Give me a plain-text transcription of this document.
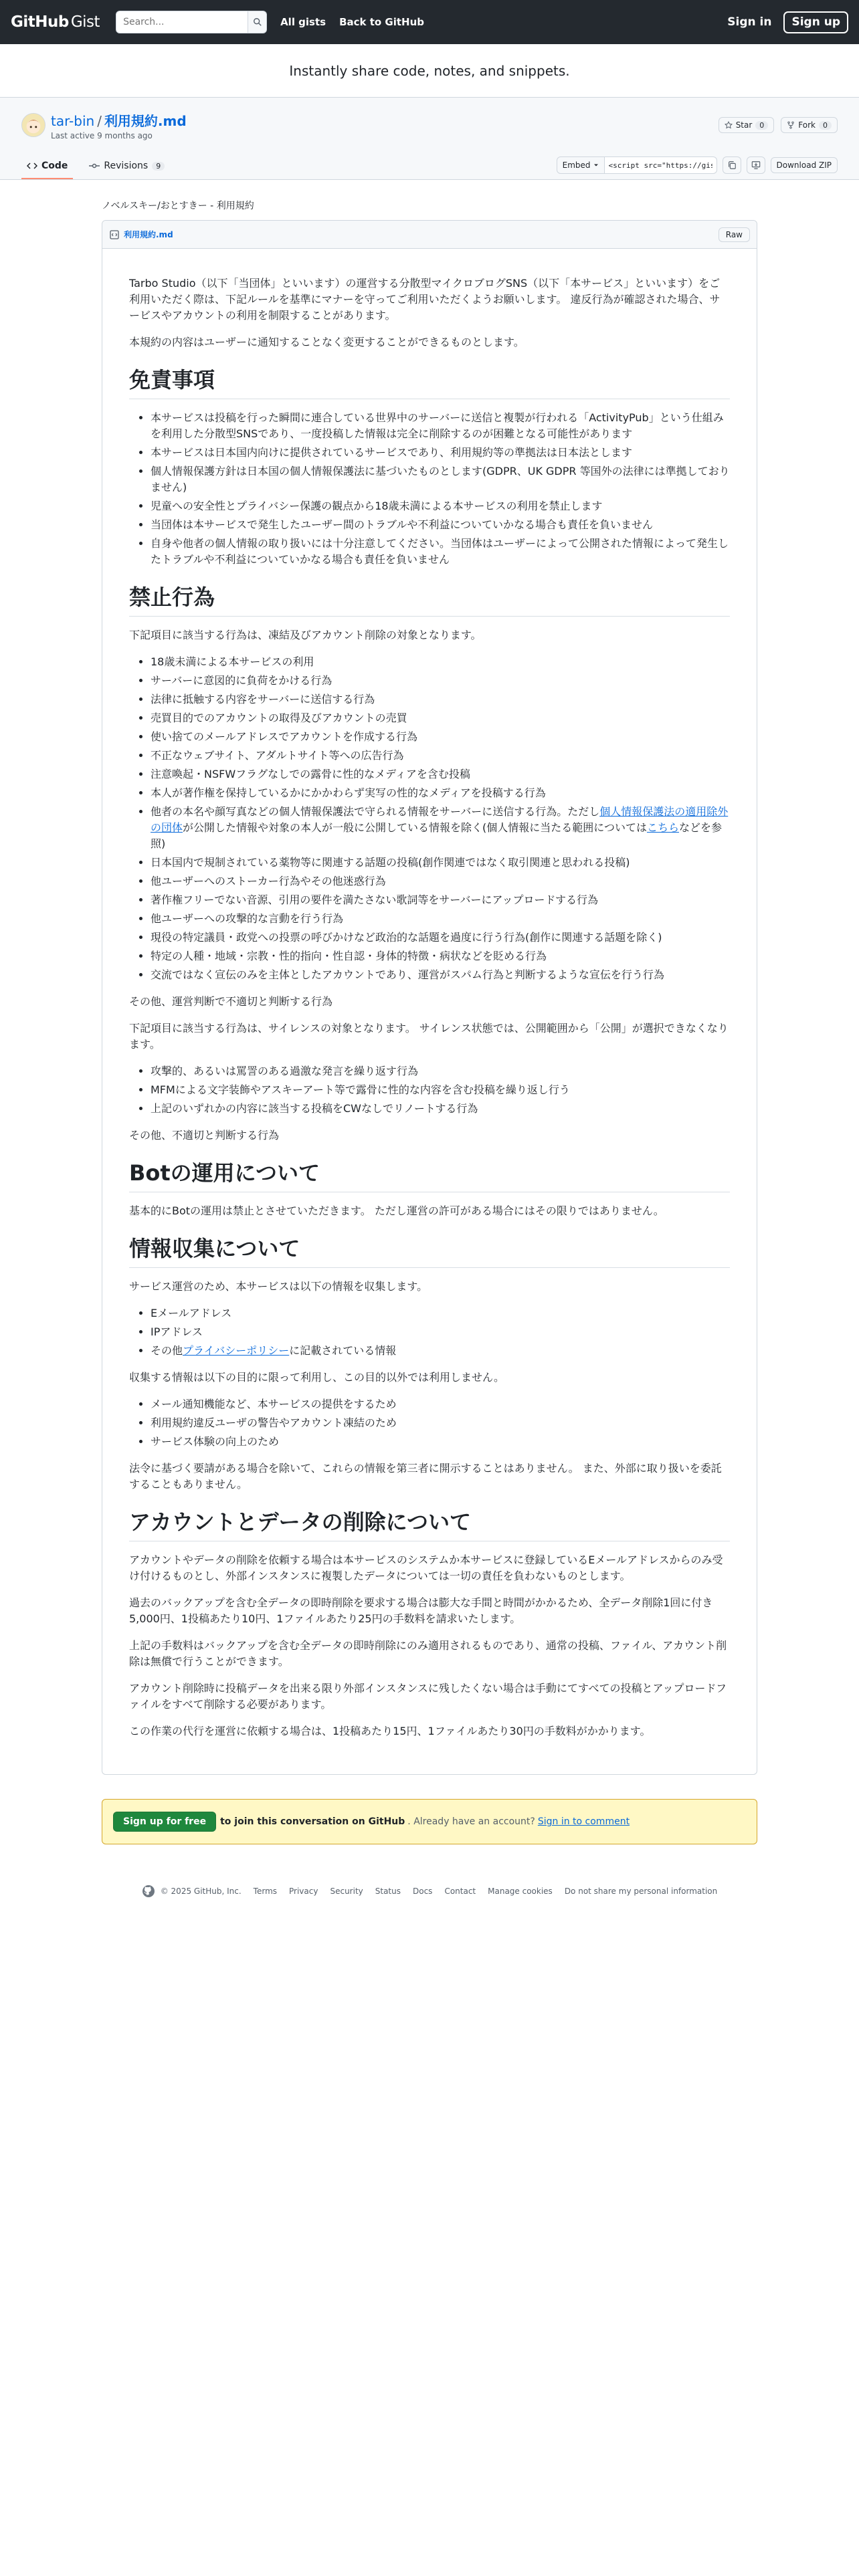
GitHub Gist
Search...	All gists Back to GitHub	Sign in	Sign up
Instantly share code, notes, and snippets.
tar-bin / 利用規約.md
Last active 9 months ago
Star	0	Fork	0
Code	Revisions	9	Embed
<script src="https://gist.github.com/tar-bin/	Download ZIP
ノベルスキー/おとすきー - 利用規約
利用規約.md	Raw

Tarbo Studio（以下「当団体」といいます）の運営する分散型マイクロブログSNS（以下「本サービス」といいます）をご利用いただく際は、下記ルールを基準にマナーを守ってご利用いただくようお願いします。 違反行為が確認された場合、サービスやアカウントの利用を制限することがあります。

本規約の内容はユーザーに通知することなく変更することができるものとします。

免責事項
• 本サービスは投稿を行った瞬間に連合している世界中のサーバーに送信と複製が行われる「ActivityPub」という仕組みを利用した分散型SNSであり、一度投稿した情報は完全に削除するのが困難となる可能性があります
• 本サービスは日本国内向けに提供されているサービスであり、利用規約等の準拠法は日本法とします
• 個人情報保護方針は日本国の個人情報保護法に基づいたものとします(GDPR、UK GDPR 等国外の法律には準拠しておりません)
• 児童への安全性とプライバシー保護の観点から18歳未満による本サービスの利用を禁止します
• 当団体は本サービスで発生したユーザー間のトラブルや不利益についていかなる場合も責任を負いません
• 自身や他者の個人情報の取り扱いには十分注意してください。当団体はユーザーによって公開された情報によって発生したトラブルや不利益についていかなる場合も責任を負いません
禁止行為

下記項目に該当する行為は、凍結及びアカウント削除の対象となります。

• 18歳未満による本サービスの利用
• サーバーに意図的に負荷をかける行為
• 法律に抵触する内容をサーバーに送信する行為
• 売買目的でのアカウントの取得及びアカウントの売買
• 使い捨てのメールアドレスでアカウントを作成する行為
• 不正なウェブサイト、アダルトサイト等への広告行為
• 注意喚起・NSFWフラグなしでの露骨に性的なメディアを含む投稿
• 本人が著作権を保持しているかにかかわらず実写の性的なメディアを投稿する行為
• 他者の本名や顔写真などの個人情報保護法で守られる情報をサーバーに送信する行為。ただし個人情報保護法の適用除外の団体が公開した情報や対象の本人が一般に公開している情報を除く(個人情報に当たる範囲についてはこちらなどを参照)
• 日本国内で規制されている薬物等に関連する話題の投稿(創作関連ではなく取引関連と思われる投稿)
• 他ユーザーへのストーカー行為やその他迷惑行為
• 著作権フリーでない音源、引用の要件を満たさない歌詞等をサーバーにアップロードする行為
• 他ユーザーへの攻撃的な言動を行う行為
• 現役の特定議員・政党への投票の呼びかけなど政治的な話題を過度に行う行為(創作に関連する話題を除く)
• 特定の人種・地域・宗教・性的指向・性自認・身体的特徴・病状などを貶める行為
• 交流ではなく宣伝のみを主体としたアカウントであり、運営がスパム行為と判断するような宣伝を行う行為

その他、運営判断で不適切と判断する行為

下記項目に該当する行為は、サイレンスの対象となります。 サイレンス状態では、公開範囲から「公開」が選択できなくなります。

• 攻撃的、あるいは罵詈のある過激な発言を繰り返す行為
• MFMによる文字装飾やアスキーアート等で露骨に性的な内容を含む投稿を繰り返し行う
• 上記のいずれかの内容に該当する投稿をCWなしでリノートする行為

その他、不適切と判断する行為

Botの運用について

基本的にBotの運用は禁止とさせていただきます。 ただし運営の許可がある場合にはその限りではありません。

情報収集について

サービス運営のため、本サービスは以下の情報を収集します。

• Eメールアドレス
• IPアドレス
• その他プライバシーポリシーに記載されている情報

収集する情報は以下の目的に限って利用し、この目的以外では利用しません。

• メール通知機能など、本サービスの提供をするため
• 利用規約違反ユーザの警告やアカウント凍結のため
• サービス体験の向上のため

法令に基づく要請がある場合を除いて、これらの情報を第三者に開示することはありません。 また、外部に取り扱いを委託することもありません。

アカウントとデータの削除について

アカウントやデータの削除を依頼する場合は本サービスのシステムか本サービスに登録しているEメールアドレスからのみ受け付けるものとし、外部インスタンスに複製したデータについては一切の責任を負わないものとします。

過去のバックアップを含む全データの即時削除を要求する場合は膨大な手間と時間がかかるため、全データ削除1回に付き5,000円、1投稿あたり10円、1ファイルあたり25円の手数料を請求いたします。

上記の手数料はバックアップを含む全データの即時削除にのみ適用されるものであり、通常の投稿、ファイル、アカウント削除は無償で行うことができます。

アカウント削除時に投稿データを出来る限り外部インスタンスに残したくない場合は手動にてすべての投稿とアップロードファイルをすべて削除する必要があります。

この作業の代行を運営に依頼する場合は、1投稿あたり15円、1ファイルあたり30円の手数料がかかります。

Sign up for free	to join this conversation on GitHub . Already have an account? Sign in to comment
© 2025 GitHub, Inc. Terms Privacy Security Status Docs Contact Manage cookies Do not share my personal information
